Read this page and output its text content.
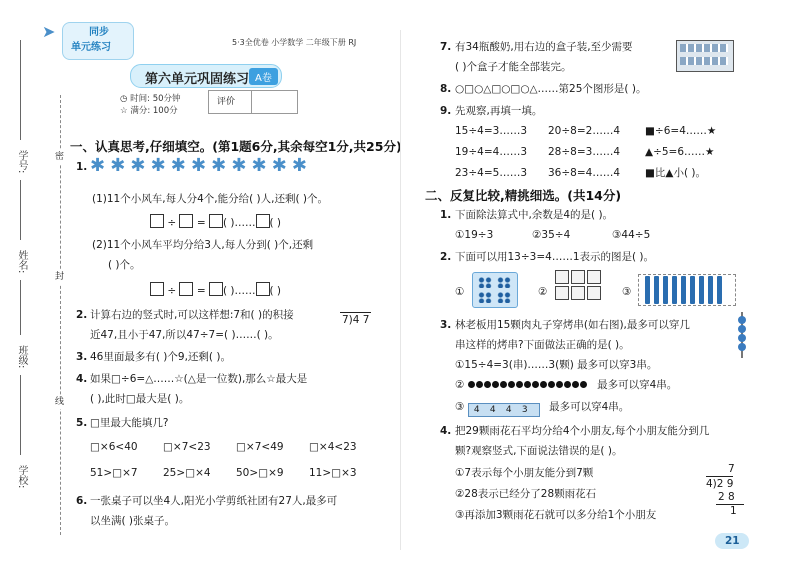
学号:
姓名:
班级:
学校:
密
封
线
同步
单元练习
➤
5·3全优卷 小学数学 二年级下册 RJ
第六单元巩固练习 A卷
◷ 时间: 50分钟
☆ 满分: 100分
评价
一、认真思考,仔细填空。(第1题6分,其余每空1分,共25分)
1. ✱ ✱ ✱ ✱ ✱ ✱ ✱ ✱ ✱ ✱ ✱
(1)11个小风车,每人分4个,能分给( )人,还剩( )个。
÷  = ( )…… ( )
(2)11个小风车平均分给3人,每人分到( )个,还剩
( )个。
÷  = ( )…… ( )
2. 计算右边的竖式时,可以这样想:7和( )的积接
近47,且小于47,所以47÷7=( )……( )。
7)4 7
3. 46里面最多有( )个9,还剩( )。
4. 如果□÷6=△……☆(△是一位数),那么☆最大是
( ),此时□最大是( )。
5. □里最大能填几?
□×6<40 □×7<23 □×7<49 □×4<23
51>□×7 25>□×4 50>□×9 11>□×3
6. 一张桌子可以坐4人,阳光小学剪纸社团有27人,最多可
以坐满( )张桌子。
7. 有34瓶酸奶,用右边的盒子装,至少需要
( )个盒子才能全部装完。
8. ○□○△□○□○△……第25个图形是( )。
9. 先观察,再填一填。
15÷4=3……3 20÷8=2……4 ■÷6=4……★
19÷4=4……3 28÷8=3……4 ▲÷5=6……★
23÷4=5……3 36÷8=4……4 ■比▲小( )。
二、反复比较,精挑细选。(共14分)
1. 下面除法算式中,余数是4的是( )。
①19÷3	②35÷4	③44÷5
2. 下面可以用13÷3=4……1表示的图是( )。
①	②	③
3. 林老板用15颗肉丸子穿烤串(如右图),最多可以穿几
串这样的烤串?下面做法正确的是( )。
①15÷4=3(串)……3(颗) 最多可以穿3串。
②	最多可以穿4串。
③ 4 4 4 3 最多可以穿4串。
4. 把29颗雨花石平均分给4个小朋友,每个小朋友能分到几
颗?观察竖式,下面说法错误的是( )。
①7表示每个小朋友能分到7颗
②28表示已经分了28颗雨花石
③再添加3颗雨花石就可以多分给1个小朋友
7
4)2 9
2 8
1
21
